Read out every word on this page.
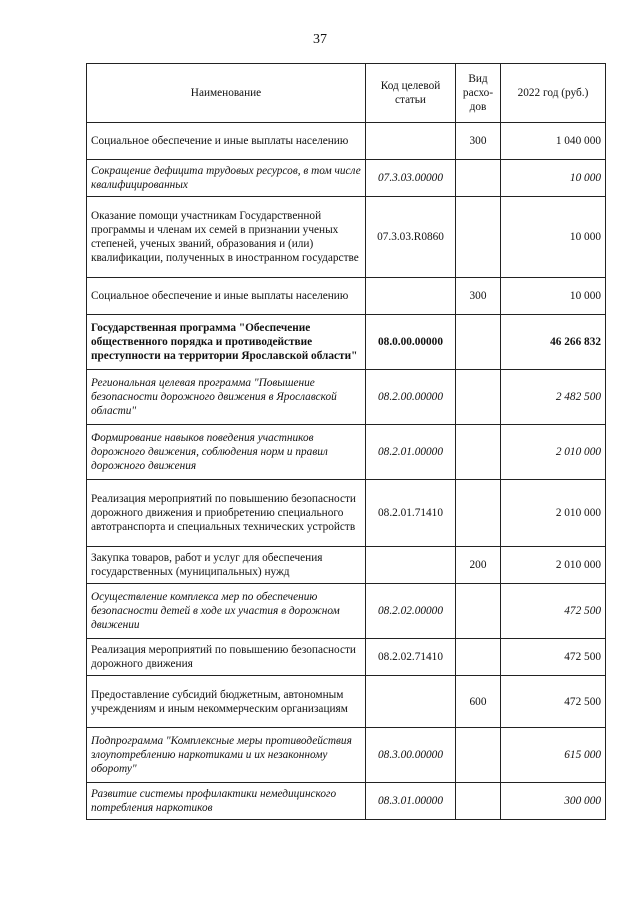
37
Наименование	Код целевой статьи	Вид расхо-дов	2022 год (руб.)
Социальное обеспечение и иные выплаты населению		300	1 040 000
Сокращение дефицита трудовых ресурсов, в том числе квалифицированных	07.3.03.00000		10 000
Оказание помощи участникам Государственной программы и членам их семей в признании ученых степеней, ученых званий, образования и (или) квалификации, полученных в иностранном государстве	07.3.03.R0860		10 000
Социальное обеспечение и иные выплаты населению		300	10 000
Государственная программа "Обеспечение общественного порядка и противодействие преступности на территории Ярославской области"	08.0.00.00000		46 266 832
Региональная целевая программа "Повышение безопасности дорожного движения в Ярославской области"	08.2.00.00000		2 482 500
Формирование навыков поведения участников дорожного движения, соблюдения норм и правил дорожного движения	08.2.01.00000		2 010 000
Реализация мероприятий по повышению безопасности дорожного движения и приобретению специального автотранспорта и специальных технических устройств	08.2.01.71410		2 010 000
Закупка товаров, работ и услуг для обеспечения государственных (муниципальных) нужд		200	2 010 000
Осуществление комплекса мер по обеспечению безопасности детей в ходе их участия в дорожном движении	08.2.02.00000		472 500
Реализация мероприятий по повышению безопасности дорожного движения	08.2.02.71410		472 500
Предоставление субсидий бюджетным, автономным учреждениям и иным некоммерческим организациям		600	472 500
Подпрограмма "Комплексные меры противодействия злоупотреблению наркотиками и их незаконному обороту"	08.3.00.00000		615 000
Развитие системы профилактики немедицинского потребления наркотиков	08.3.01.00000		300 000
